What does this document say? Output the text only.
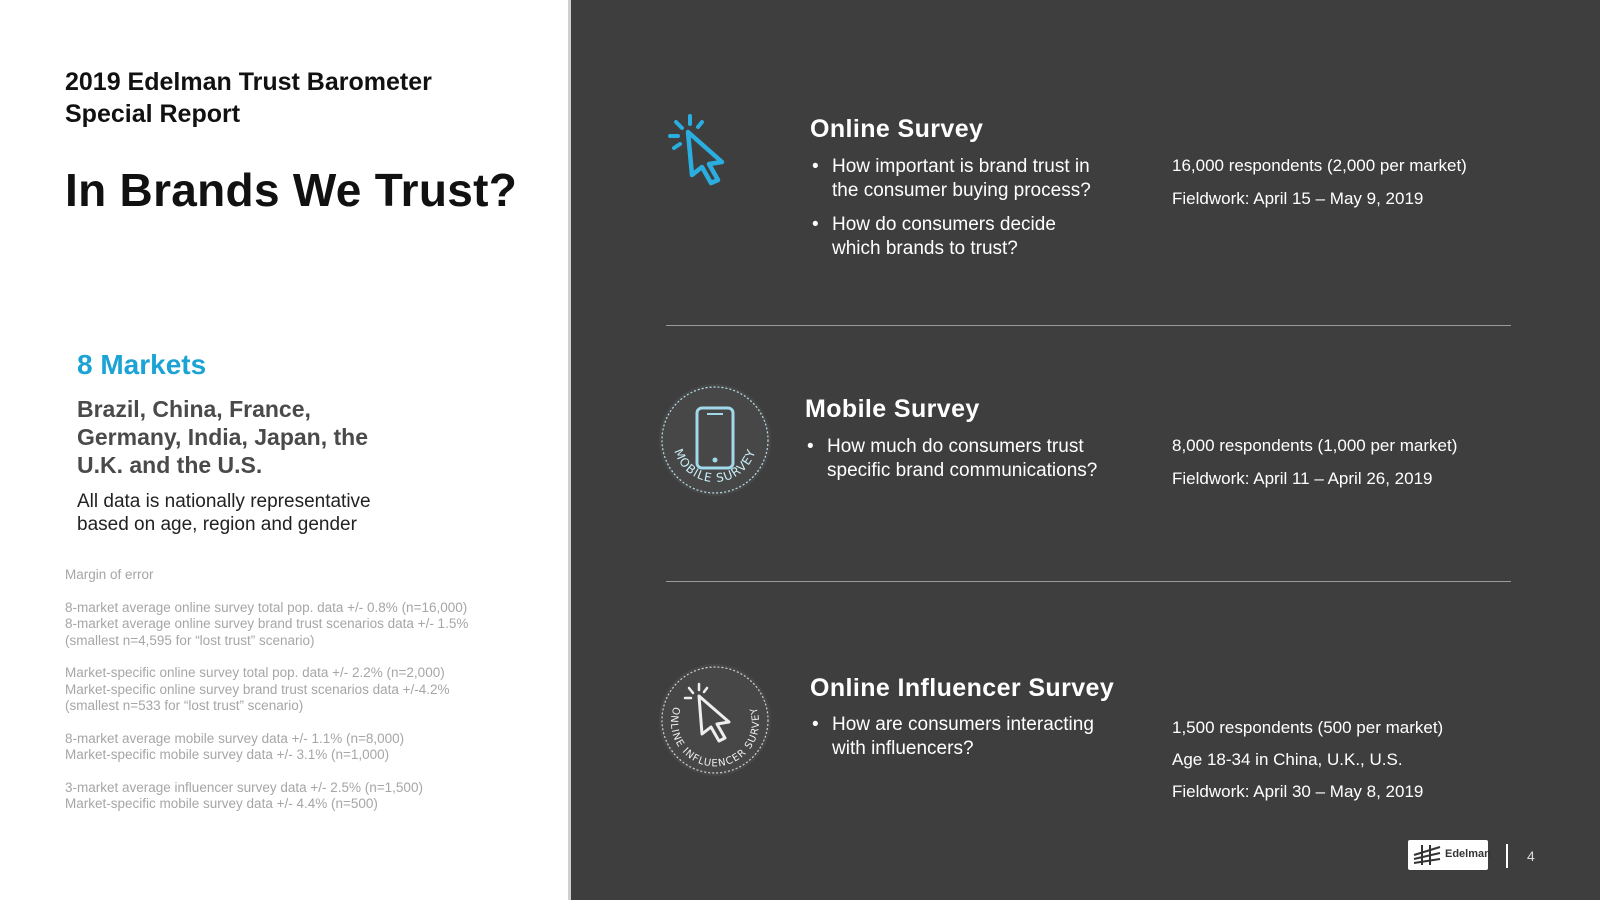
2019 Edelman Trust Barometer
Special Report
In Brands We Trust?
8 Markets
Brazil, China, France,
Germany, India, Japan, the
U.K. and the U.S.
All data is nationally representative
based on age, region and gender
Margin of error
8-market average online survey total pop. data +/- 0.8% (n=16,000)
8-market average online survey brand trust scenarios data +/- 1.5%
(smallest n=4,595 for “lost trust” scenario)
Market-specific online survey total pop. data +/- 2.2% (n=2,000)
Market-specific online survey brand trust scenarios data +/-4.2%
(smallest n=533 for “lost trust” scenario)
8-market average mobile survey data +/- 1.1% (n=8,000)
Market-specific mobile survey data +/- 3.1% (n=1,000)
3-market average influencer survey data +/- 2.5% (n=1,500)
Market-specific mobile survey data +/- 4.4% (n=500)
Online Survey
• How important is brand trust in
the consumer buying process?
• How do consumers decide
which brands to trust?
16,000 respondents (2,000 per market)
Fieldwork: April 15 – May 9, 2019
MOBILE SURVEY
Mobile Survey
• How much do consumers trust
specific brand communications?
8,000 respondents (1,000 per market)
Fieldwork: April 11 – April 26, 2019
ONLINE INFLUENCER SURVEY
Online Influencer Survey
• How are consumers interacting
with influencers?
1,500 respondents (500 per market)
Age 18-34 in China, U.K., U.S.
Fieldwork: April 30 – May 8, 2019
Edelman	4
